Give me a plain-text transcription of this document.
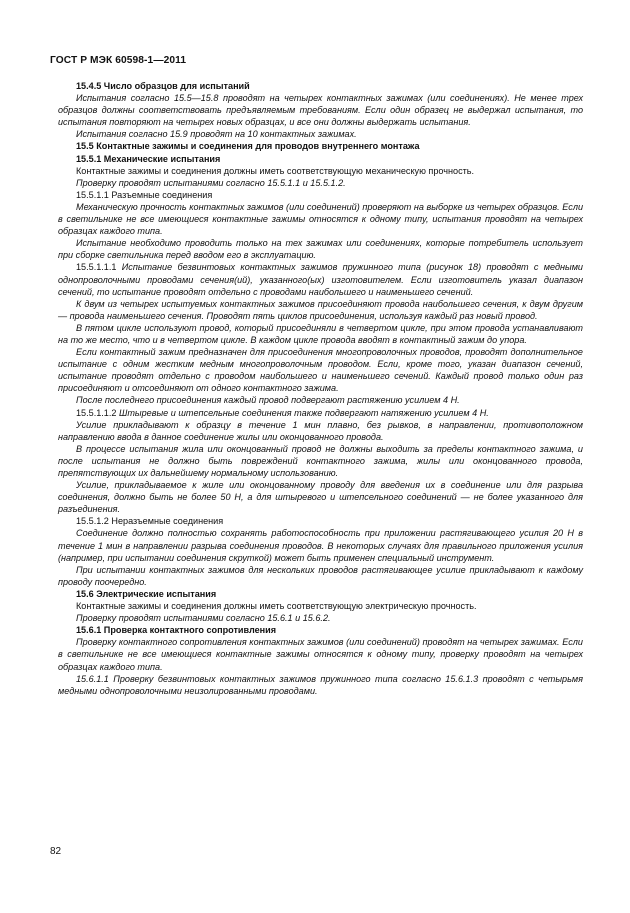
ГОСТ Р МЭК 60598-1—2011

15.4.5 Число образцов для испытаний

Испытания согласно 15.5—15.8 проводят на четырех контактных зажимах (или соединениях). Не менее трех образцов должны соответствовать предъявляемым требованиям. Если один образец не выдержал испытания, то испытания повторяют на четырех новых образцах, и все они должны выдержать испытания.

Испытания согласно 15.9 проводят на 10 контактных зажимах.

15.5 Контактные зажимы и соединения для проводов внутреннего монтажа

15.5.1 Механические испытания

Контактные зажимы и соединения должны иметь соответствующую механическую прочность.

Проверку проводят испытаниями согласно 15.5.1.1 и 15.5.1.2.

15.5.1.1 Разъемные соединения

Механическую прочность контактных зажимов (или соединений) проверяют на выборке из четырех образцов. Если в светильнике не все имеющиеся контактные зажимы относятся к одному типу, испытания проводят на четырех образцах каждого типа.

Испытание необходимо проводить только на тех зажимах или соединениях, которые потребитель использует при сборке светильника перед вводом его в эксплуатацию.

15.5.1.1.1 Испытание безвинтовых контактных зажимов пружинного типа (рисунок 18) проводят с медными однопроволочными проводами сечения(ий), указанного(ых) изготовителем. Если изготовитель указал диапазон сечений, то испытание проводят отдельно с проводами наибольшего и наименьшего сечений.

К двум из четырех испытуемых контактных зажимов присоединяют провода наибольшего сечения, к двум другим — провода наименьшего сечения. Проводят пять циклов присоединения, используя каждый раз новый провод.

В пятом цикле используют провод, который присоединяли в четвертом цикле, при этом провода устанавливают на то же место, что и в четвертом цикле. В каждом цикле провода вводят в контактный зажим до упора.

Если контактный зажим предназначен для присоединения многопроволочных проводов, проводят дополнительное испытание с одним жестким медным многопроволочным проводом. Если, кроме того, указан диапазон сечений, испытание проводят отдельно с проводом наибольшего и наименьшего сечений. Каждый провод только один раз присоединяют и отсоединяют от одного контактного зажима.

После последнего присоединения каждый провод подвергают растяжению усилием 4 Н.

15.5.1.1.2 Штыревые и штепсельные соединения также подвергают натяжению усилием 4 Н.

Усилие прикладывают к образцу в течение 1 мин плавно, без рывков, в направлении, противоположном направлению ввода в данное соединение жилы или оконцованного провода.

В процессе испытания жила или оконцованный провод не должны выходить за пределы контактного зажима, и после испытания не должно быть повреждений контактного зажима, жилы или оконцованного провода, препятствующих их дальнейшему нормальному использованию.

Усилие, прикладываемое к жиле или оконцованному проводу для введения их в соединение или для разрыва соединения, должно быть не более 50 Н, а для штыревого и штепсельного соединений — не более указанного для разъединения.

15.5.1.2 Неразъемные соединения

Соединение должно полностью сохранять работоспособность при приложении растягивающего усилия 20 Н в течение 1 мин в направлении разрыва соединения проводов. В некоторых случаях для правильного приложения усилия (например, при испытании соединения скруткой) может быть применен специальный инструмент.

При испытании контактных зажимов для нескольких проводов растягивающее усилие прикладывают к каждому проводу поочередно.

15.6 Электрические испытания

Контактные зажимы и соединения должны иметь соответствующую электрическую прочность.

Проверку проводят испытаниями согласно 15.6.1 и 15.6.2.

15.6.1 Проверка контактного сопротивления

Проверку контактного сопротивления контактных зажимов (или соединений) проводят на четырех зажимах. Если в светильнике не все имеющиеся контактные зажимы относятся к одному типу, проверку проводят на четырех образцах каждого типа.

15.6.1.1 Проверку безвинтовых контактных зажимов пружинного типа согласно 15.6.1.3 проводят с четырьмя медными однопроволочными неизолированными проводами.

82
